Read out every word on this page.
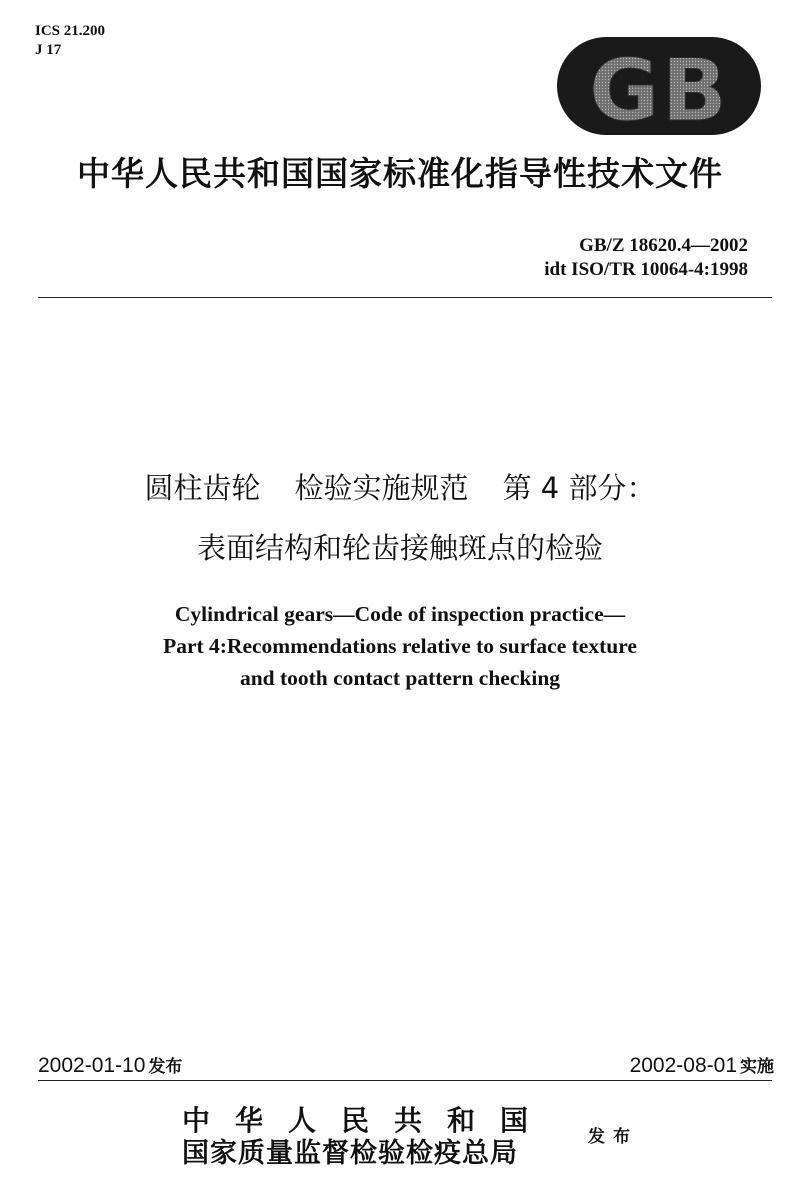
ICS 21.200
J 17	GB
中华人民共和国国家标准化指导性技术文件
GB/Z 18620.4—2002
idt ISO/TR 10064-4:1998
圆柱齿轮 检验实施规范 第 4 部分：
表面结构和轮齿接触斑点的检验
Cylindrical gears—Code of inspection practice—
Part 4:Recommendations relative to surface texture
and tooth contact pattern checking
2002-01-10 发布	2002-08-01 实施
中华人民共和国
国家质量监督检验检疫总局
发布
